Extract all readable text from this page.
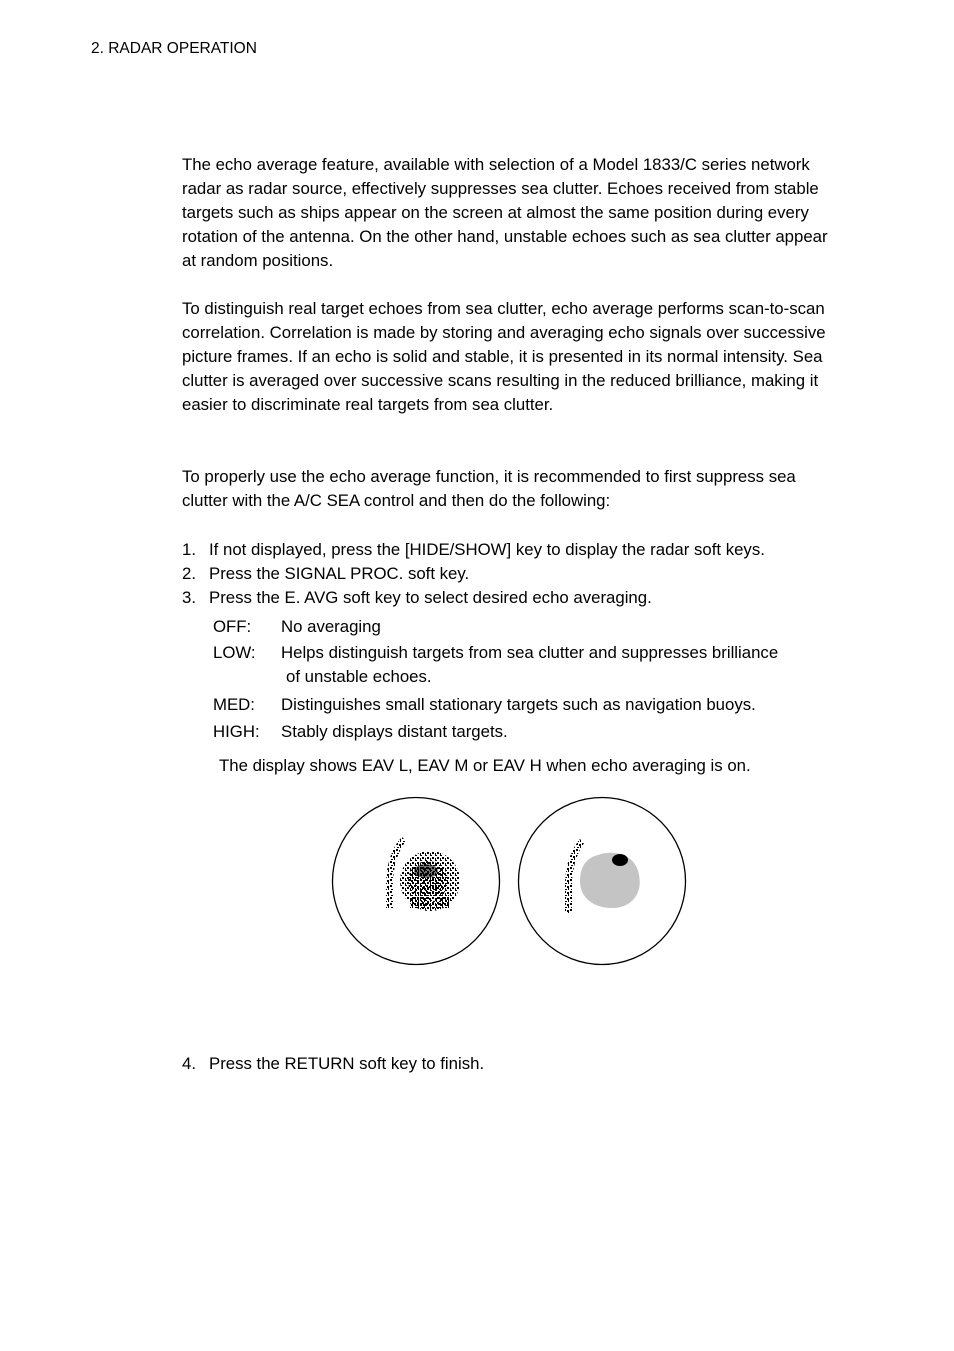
2. RADAR OPERATION

The echo average feature, available with selection of a Model 1833/C series network radar as radar source, effectively suppresses sea clutter. Echoes received from stable targets such as ships appear on the screen at almost the same position during every rotation of the antenna. On the other hand, unstable echoes such as sea clutter appear at random positions.

To distinguish real target echoes from sea clutter, echo average performs scan-to-scan correlation. Correlation is made by storing and averaging echo signals over successive picture frames. If an echo is solid and stable, it is presented in its normal intensity. Sea clutter is averaged over successive scans resulting in the reduced brilliance, making it easier to discriminate real targets from sea clutter.

To properly use the echo average function, it is recommended to first suppress sea clutter with the A/C SEA control and then do the following:

1. If not displayed, press the [HIDE/SHOW] key to display the radar soft keys.
2. Press the SIGNAL PROC. soft key.
3. Press the E. AVG soft key to select desired echo averaging.
OFF:	No averaging
LOW:	Helps distinguish targets from sea clutter and suppresses brilliance
of unstable echoes.
MED:	Distinguishes small stationary targets such as navigation buoys.
HIGH:	Stably displays distant targets.

The display shows EAV L, EAV M or EAV H when echo averaging is on.

4. Press the RETURN soft key to finish.
